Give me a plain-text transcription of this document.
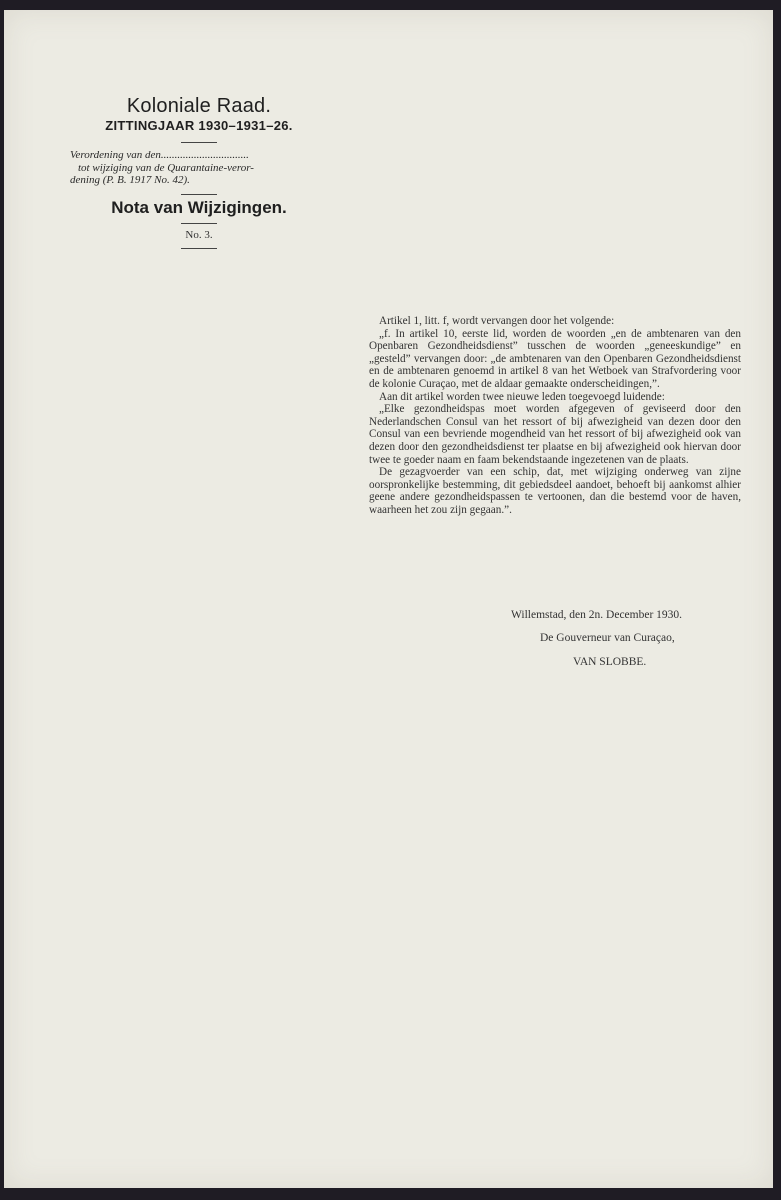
Koloniale Raad.
ZITTINGJAAR 1930–1931–26.
Verordening van den................................
tot wijziging van de Quarantaine-veror-
dening (P. B. 1917 No. 42).
Nota van Wijzigingen.
No. 3.

Artikel 1, litt. f, wordt vervangen door het volgende:

„f. In artikel 10, eerste lid, worden de woorden „en de ambtenaren van den Openbaren Gezondheidsdienst” tusschen de woorden „geneeskundige” en „gesteld” vervangen door: „de ambtenaren van den Openbaren Gezondheidsdienst en de ambtenaren genoemd in artikel 8 van het Wetboek van Strafvordering voor de kolonie Curaçao, met de aldaar gemaakte onderscheidingen,”.

Aan dit artikel worden twee nieuwe leden toegevoegd luidende:

„Elke gezondheidspas moet worden afgegeven of geviseerd door den Nederlandschen Consul van het ressort of bij afwezigheid van dezen door den Consul van een bevriende mogendheid van het ressort of bij afwezigheid ook van dezen door den gezondheidsdienst ter plaatse en bij afwezigheid ook hiervan door twee te goeder naam en faam bekendstaande ingezetenen van de plaats.

De gezagvoerder van een schip, dat, met wijziging onderweg van zijne oorspronkelijke bestemming, dit gebiedsdeel aandoet, behoeft bij aankomst alhier geene andere gezondheidspassen te vertoonen, dan die bestemd voor de haven, waarheen het zou zijn gegaan.”.

Willemstad, den 2n. December 1930.
De Gouverneur van Curaçao,
VAN SLOBBE.
